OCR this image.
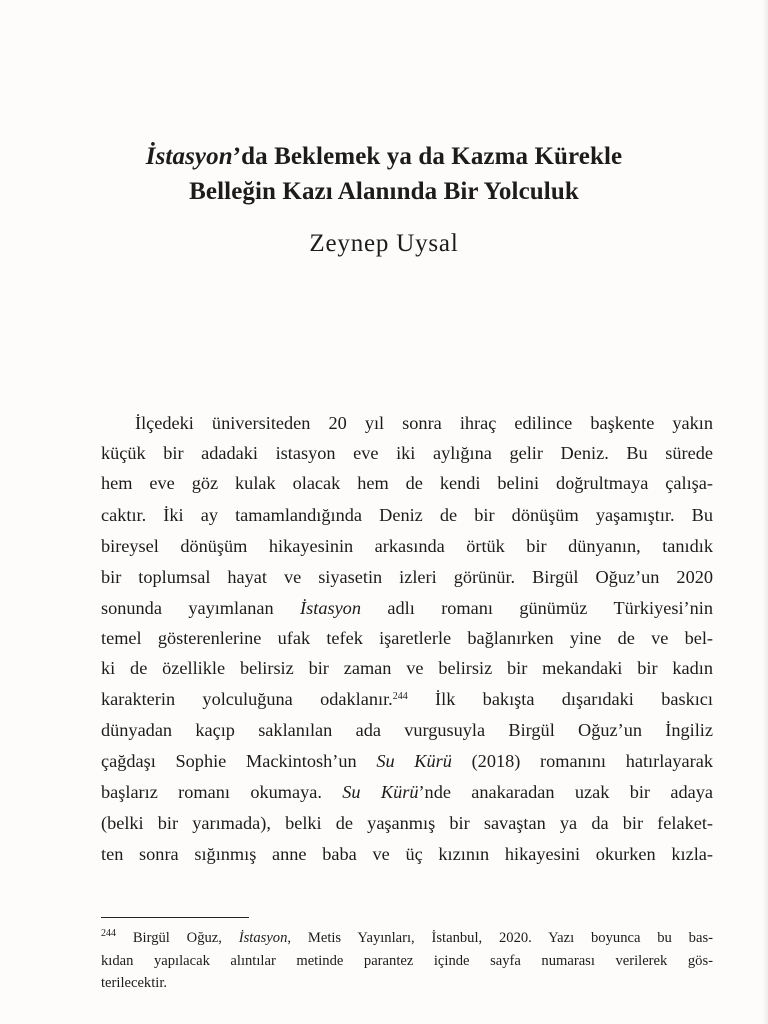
İstasyon’da Beklemek ya da Kazma Kürekle
Belleğin Kazı Alanında Bir Yolculuk
Zeynep Uysal
İlçedeki üniversiteden 20 yıl sonra ihraç edilince başkente yakın
küçük bir adadaki istasyon eve iki aylığına gelir Deniz. Bu sürede
hem eve göz kulak olacak hem de kendi belini doğrultmaya çalışa-
caktır. İki ay tamamlandığında Deniz de bir dönüşüm yaşamıştır. Bu
bireysel dönüşüm hikayesinin arkasında örtük bir dünyanın, tanıdık
bir toplumsal hayat ve siyasetin izleri görünür. Birgül Oğuz’un 2020
sonunda yayımlanan İstasyon adlı romanı günümüz Türkiyesi’nin
temel gösterenlerine ufak tefek işaretlerle bağlanırken yine de ve bel-
ki de özellikle belirsiz bir zaman ve belirsiz bir mekandaki bir kadın
karakterin yolculuğuna odaklanır.$^{244}$ İlk bakışta dışarıdaki baskıcı
dünyadan kaçıp saklanılan ada vurgusuyla Birgül Oğuz’un İngiliz
çağdaşı Sophie Mackintosh’un Su Kürü (2018) romanını hatırlayarak
başlarız romanı okumaya. Su Kürü’nde anakaradan uzak bir adaya
(belki bir yarımada), belki de yaşanmış bir savaştan ya da bir felaket-
ten sonra sığınmış anne baba ve üç kızının hikayesini okurken kızla-
$^{244}$ Birgül Oğuz, İstasyon, Metis Yayınları, İstanbul, 2020. Yazı boyunca bu bas-
kıdan yapılacak alıntılar metinde parantez içinde sayfa numarası verilerek gös-
terilecektir.
